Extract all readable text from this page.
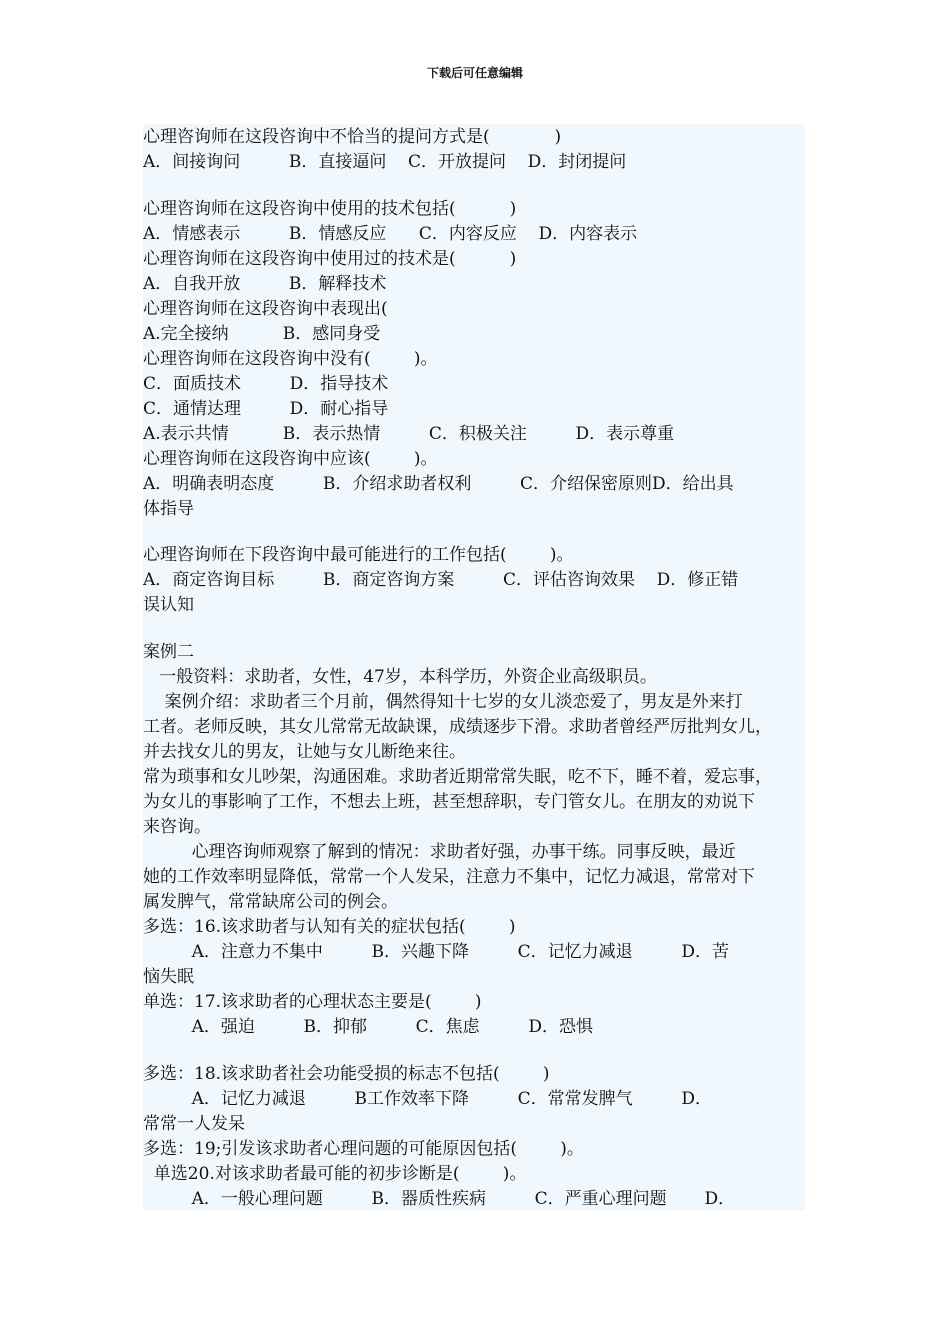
下载后可任意编辑
心理咨询师在这段咨询中不恰当的提问方式是(            )
A．间接询问         B．直接逼问    C．开放提问    D．封闭提问
心理咨询师在这段咨询中使用的技术包括(          )
A．情感表示         B．情感反应      C．内容反应    D．内容表示
心理咨询师在这段咨询中使用过的技术是(          )
A．自我开放         B．解释技术
心理咨询师在这段咨询中表现出(
A.完全接纳          B．感同身受
心理咨询师在这段咨询中没有(        )。
C．面质技术         D．指导技术
C．通情达理         D．耐心指导
A.表示共情          B．表示热情         C．积极关注         D．表示尊重
心理咨询师在这段咨询中应该(        )。
A．明确表明态度         B．介绍求助者权利         C．介绍保密原则D．给出具
体指导
心理咨询师在下段咨询中最可能进行的工作包括(        )。
A．商定咨询目标         B．商定咨询方案         C．评估咨询效果    D．修正错
误认知
案例二
一般资料：求助者，女性，47岁，本科学历，外资企业高级职员。
案例介绍：求助者三个月前，偶然得知十七岁的女儿淡恋爱了，男友是外来打
工者。老师反映，其女儿常常无故缺课，成绩逐步下滑。求助者曾经严厉批判女儿，
并去找女儿的男友，让她与女儿断绝来往。
常为琐事和女儿吵架，沟通困难。求助者近期常常失眠，吃不下，睡不着，爱忘事，
为女儿的事影响了工作，不想去上班，甚至想辞职，专门管女儿。在朋友的劝说下
来咨询。
心理咨询师观察了解到的情况：求助者好强，办事干练。同事反映，最近
她的工作效率明显降低，常常一个人发呆，注意力不集中，记忆力减退，常常对下
属发脾气，常常缺席公司的例会。
多选：16.该求助者与认知有关的症状包括(        )
A．注意力不集中         B．兴趣下降         C．记忆力减退         D．苦
恼失眠
单选：17.该求助者的心理状态主要是(        )
A．强迫         B．抑郁         C．焦虑         D．恐惧
多选：18.该求助者社会功能受损的标志不包括(        )
A．记忆力减退         B工作效率下降         C．常常发脾气         D．
常常一人发呆
多选：19;引发该求助者心理问题的可能原因包括(        )。
单选20.对该求助者最可能的初步诊断是(        )。
A．一般心理问题         B．器质性疾病         C．严重心理问题       D．
